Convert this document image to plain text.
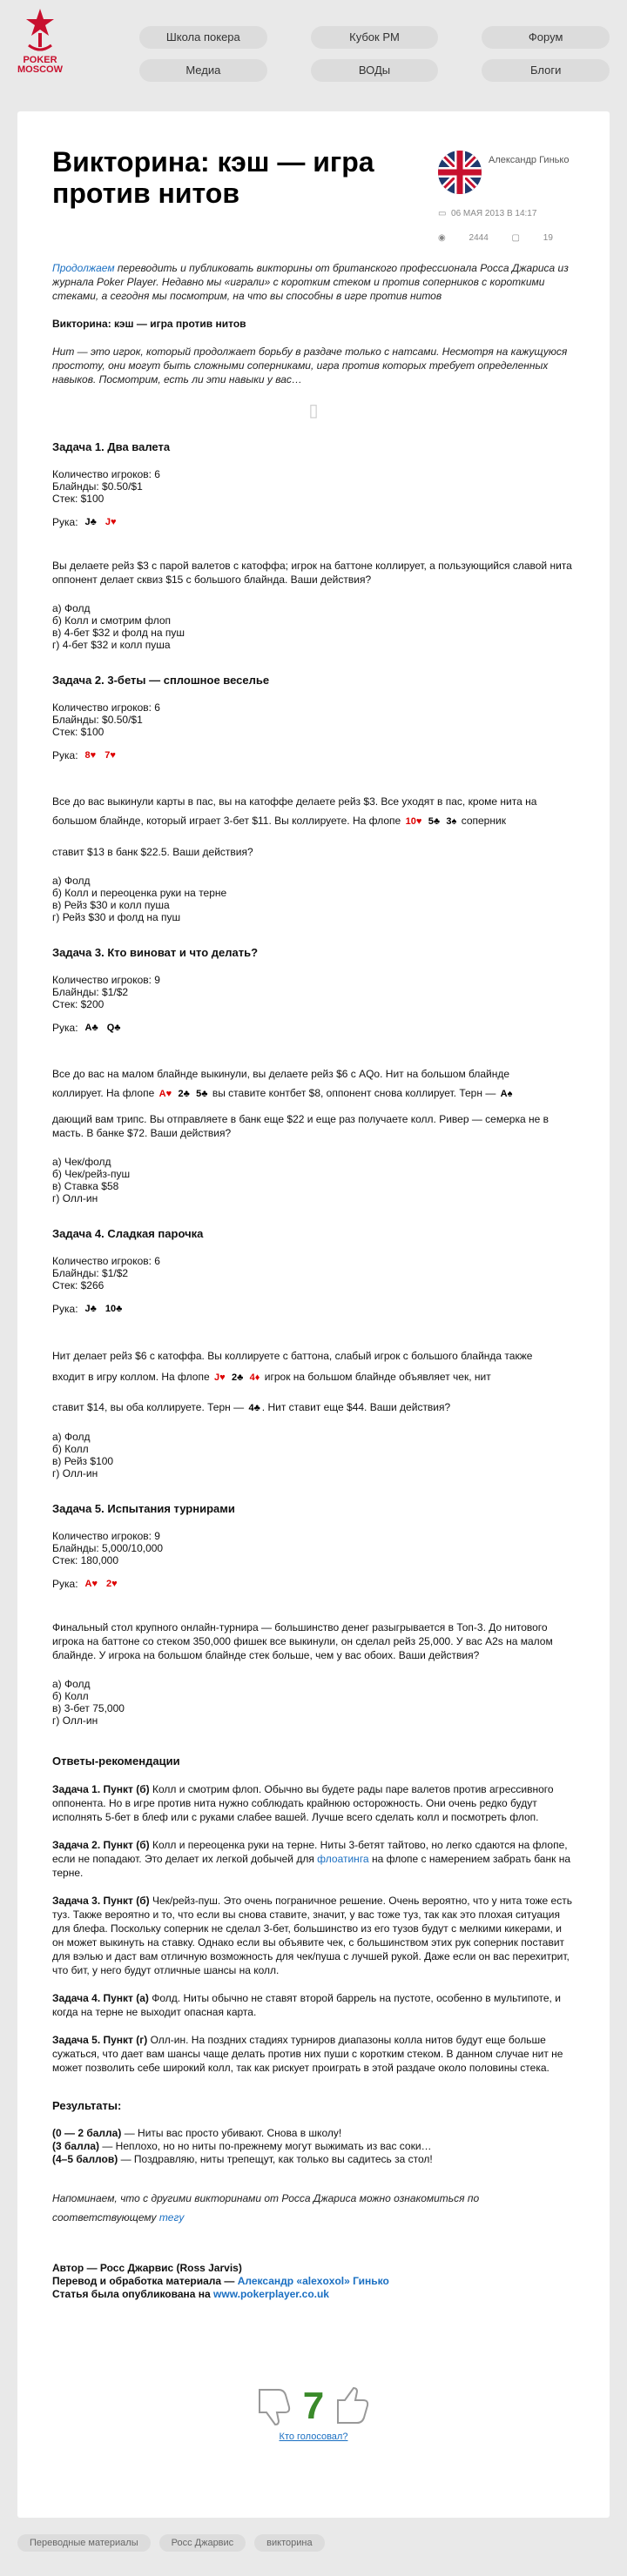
POKER
MOSCOW
Школа покера	Кубок PM	Форум
Медиа	ВОДы	Блоги
Викторина: кэш — игра против нитов
Александр Гинько
▭ 06 МАЯ 2013 В 14:17
◉	2444	▢	19

Продолжаем переводить и публиковать викторины от британского профессионала Росса Джариса из журнала Poker Player. Недавно мы «играли» с коротким стеком и против соперников с короткими стеками, а сегодня мы посмотрим, на что вы способны в игре против нитов

Викторина: кэш — игра против нитов

Нит — это игрок, который продолжает борьбу в раздаче только с натсами. Несмотря на кажущуюся простоту, они могут быть сложными соперниками, игра против которых требует определенных навыков. Посмотрим, есть ли эти навыки у вас…

▯
Задача 1. Два валета
Количество игроков: 6
Блайнды: $0.50/$1
Стек: $100
Рука: J♣ J♥

Вы делаете рейз $3 с парой валетов с катоффа; игрок на баттоне коллирует, а пользующийся славой нита оппонент делает сквиз $15 с большого блайнда. Ваши действия?

а) Фолд
б) Колл и смотрим флоп
в) 4-бет $32 и фолд на пуш
г) 4-бет $32 и колл пуша
Задача 2. 3-беты — сплошное веселье
Количество игроков: 6
Блайнды: $0.50/$1
Стек: $100
Рука: 8♥ 7♥

Все до вас выкинули карты в пас, вы на катоффе делаете рейз $3. Все уходят в пас, кроме нита на большом блайнде, который играет 3-бет $11. Вы коллируете. На флопе 10♥ 5♣ 3♠ соперник

ставит $13 в банк $22.5. Ваши действия?

а) Фолд
б) Колл и переоценка руки на терне
в) Рейз $30 и колл пуша
г) Рейз $30 и фолд на пуш
Задача 3. Кто виноват и что делать?
Количество игроков: 9
Блайнды: $1/$2
Стек: $200
Рука: A♣ Q♣

Все до вас на малом блайнде выкинули, вы делаете рейз $6 с AQo. Нит на большом блайнде
коллирует. На флопе A♥ 2♣ 5♣ вы ставите контбет $8, оппонент снова коллирует. Терн — A♠

дающий вам трипс. Вы отправляете в банк еще $22 и еще раз получаете колл. Ривер — семерка не в масть. В банке $72. Ваши действия?

а) Чек/фолд
б) Чек/рейз-пуш
в) Ставка $58
г) Олл-ин
Задача 4. Сладкая парочка
Количество игроков: 6
Блайнды: $1/$2
Стек: $266
Рука: J♣ 10♣

Нит делает рейз $6 с катоффа. Вы коллируете с баттона, слабый игрок с большого блайнда также
входит в игру коллом. На флопе J♥ 2♣ 4♦ игрок на большом блайнде объявляет чек, нит

ставит $14, вы оба коллируете. Терн — 4♣ . Нит ставит еще $44. Ваши действия?

а) Фолд
б) Колл
в) Рейз $100
г) Олл-ин
Задача 5. Испытания турнирами
Количество игроков: 9
Блайнды: 5,000/10,000
Стек: 180,000
Рука: A♥ 2♥

Финальный стол крупного онлайн-турнира — большинство денег разыгрывается в Топ-3. До нитового игрока на баттоне со стеком 350,000 фишек все выкинули, он сделал рейз 25,000. У вас A2s на малом блайнде. У игрока на большом блайнде стек больше, чем у вас обоих. Ваши действия?

а) Фолд
б) Колл
в) 3-бет 75,000
г) Олл-ин
Ответы-рекомендации

Задача 1. Пункт (б) Колл и смотрим флоп. Обычно вы будете рады паре валетов против агрессивного оппонента. Но в игре против нита нужно соблюдать крайнюю осторожность. Они очень редко будут исполнять 5-бет в блеф или с руками слабее вашей. Лучше всего сделать колл и посмотреть флоп.

Задача 2. Пункт (б) Колл и переоценка руки на терне. Ниты 3-бетят тайтово, но легко сдаются на флопе, если не попадают. Это делает их легкой добычей для флоатинга на флопе с намерением забрать банк на терне.

Задача 3. Пункт (б) Чек/рейз-пуш. Это очень пограничное решение. Очень вероятно, что у нита тоже есть туз. Также вероятно и то, что если вы снова ставите, значит, у вас тоже туз, так как это плохая ситуация для блефа. Поскольку соперник не сделал 3-бет, большинство из его тузов будут с мелкими кикерами, и он может выкинуть на ставку. Однако если вы объявите чек, с большинством этих рук соперник поставит для вэлью и даст вам отличную возможность для чек/пуша с лучшей рукой. Даже если он вас перехитрит, что бит, у него будут отличные шансы на колл.

Задача 4. Пункт (а) Фолд. Ниты обычно не ставят второй баррель на пустоте, особенно в мультипоте, и когда на терне не выходит опасная карта.

Задача 5. Пункт (г) Олл-ин. На поздних стадиях турниров диапазоны колла нитов будут еще больше сужаться, что дает вам шансы чаще делать против них пуши с коротким стеком. В данном случае нит не может позволить себе широкий колл, так как рискует проиграть в этой раздаче около половины стека.

Результаты:
(0 — 2 балла) — Ниты вас просто убивают. Снова в школу!
(3 балла) — Неплохо, но но ниты по-прежнему могут выжимать из вас соки…
(4–5 баллов) — Поздравляю, ниты трепещут, как только вы садитесь за стол!

Напоминаем, что с другими викторинами от Росса Джариса можно ознакомиться по соответствующему тегу

Автор — Росс Джарвис (Ross Jarvis)
Перевод и обработка материала — Александр «alexoxol» Гинько
Статья была опубликована на www.pokerplayer.co.uk
7
Кто голосовал?
Переводные материалы	Росс Джарвис	викторина
